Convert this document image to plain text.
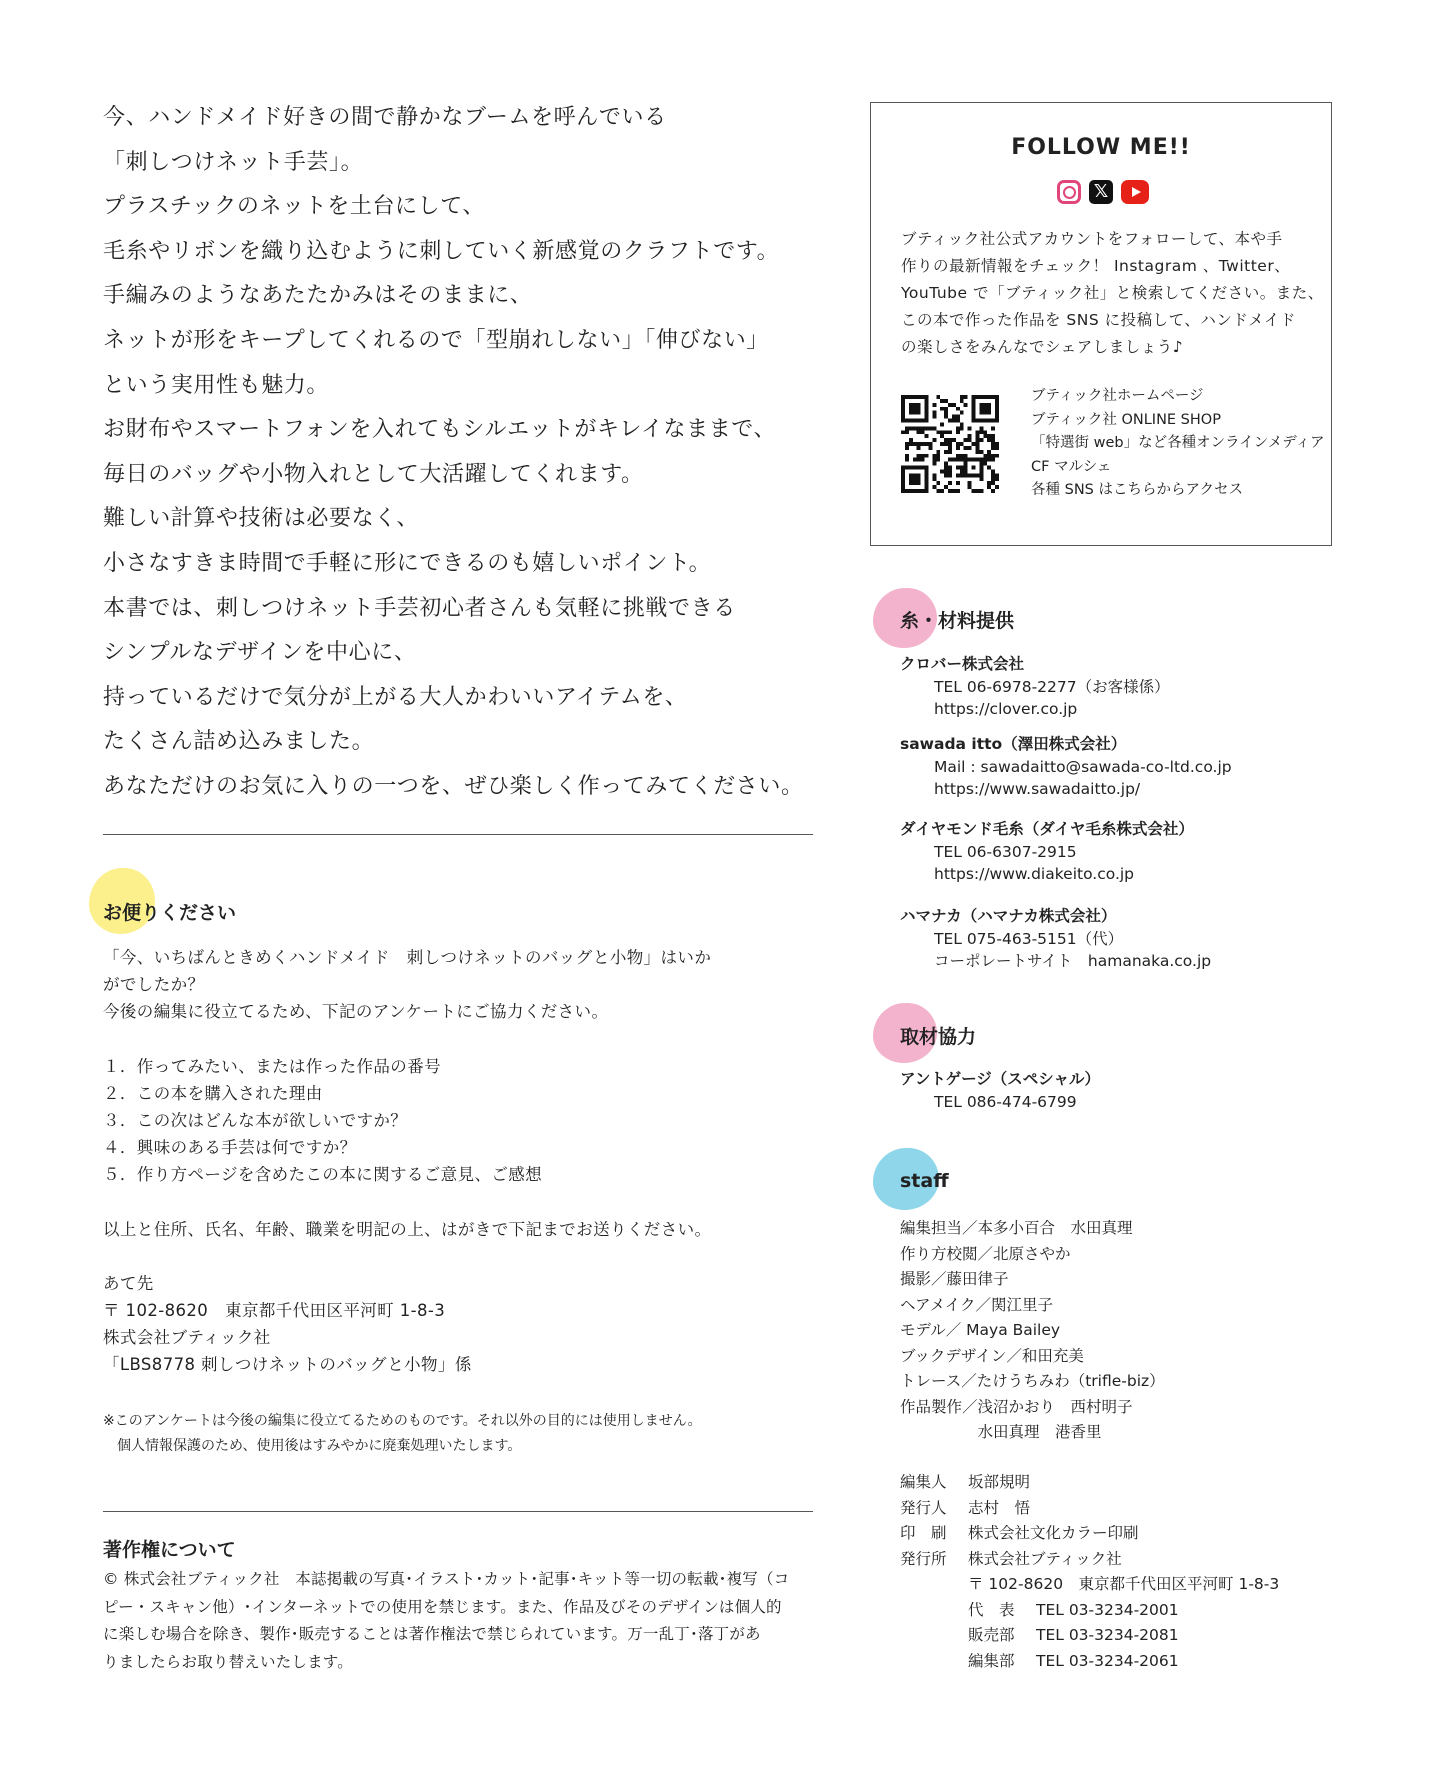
今、ハンドメイド好きの間で静かなブームを呼んでいる

「刺しつけネット手芸」。

プラスチックのネットを土台にして、

毛糸やリボンを織り込むように刺していく新感覚のクラフトです。

手編みのようなあたたかみはそのままに、

ネットが形をキープしてくれるので「型崩れしない」「伸びない」

という実用性も魅力。

お財布やスマートフォンを入れてもシルエットがキレイなままで、

毎日のバッグや小物入れとして大活躍してくれます。

難しい計算や技術は必要なく、

小さなすきま時間で手軽に形にできるのも嬉しいポイント。

本書では、刺しつけネット手芸初心者さんも気軽に挑戦できる

シンプルなデザインを中心に、

持っているだけで気分が上がる大人かわいいアイテムを、

たくさん詰め込みました。

あなただけのお気に入りの一つを、ぜひ楽しく作ってみてください。

FOLLOW ME!!
𝕏

ブティック社公式アカウントをフォローして、本や手

作りの最新情報をチェック！ Instagram 、Twitter、

YouTube で「ブティック社」と検索してください。また、

この本で作った作品を SNS に投稿して、ハンドメイド

の楽しさをみんなでシェアしましょう♪

ブティック社ホームページ

ブティック社 ONLINE SHOP

「特選街 web」など各種オンラインメディア

CF マルシェ

各種 SNS はこちらからアクセス

糸・材料提供
クロバー株式会社
TEL 06-6978-2277（お客様係）
https://clover.co.jp
sawada itto（澤田株式会社）
Mail : sawadaitto@sawada-co-ltd.co.jp
https://www.sawadaitto.jp/
ダイヤモンド毛糸（ダイヤ毛糸株式会社）
TEL 06-6307-2915
https://www.diakeito.co.jp
ハマナカ（ハマナカ株式会社）
TEL 075-463-5151（代）
コーポレートサイト　hamanaka.co.jp
取材協力
アントゲージ（スペシャル）
TEL 086-474-6799
staff

編集担当／本多小百合　水田真理

作り方校閲／北原さやか

撮影／藤田律子

ヘアメイク／関江里子

モデル／ Maya Bailey

ブックデザイン／和田充美

トレース／たけうちみわ（trifle-biz）

作品製作／浅沼かおり　西村明子

　　　　　水田真理　港香里

編集人	坂部規明
発行人	志村　悟
印　刷	株式会社文化カラー印刷
発行所	株式会社ブティック社
〒 102-8620　東京都千代田区平河町 1-8-3
代　表	TEL 03-3234-2001
販売部	TEL 03-3234-2081
編集部	TEL 03-3234-2061
お便りください

「今、いちばんときめくハンドメイド　刺しつけネットのバッグと小物」はいか

がでしたか？

今後の編集に役立てるため、下記のアンケートにご協力ください。

１．作ってみたい、または作った作品の番号

２．この本を購入された理由

３．この次はどんな本が欲しいですか？

４．興味のある手芸は何ですか？

５．作り方ページを含めたこの本に関するご意見、ご感想

以上と住所、氏名、年齢、職業を明記の上、はがきで下記までお送りください。

あて先

〒 102-8620　東京都千代田区平河町 1-8-3

株式会社ブティック社

「LBS8778 刺しつけネットのバッグと小物」係

※このアンケートは今後の編集に役立てるためのものです。それ以外の目的には使用しません。

　個人情報保護のため、使用後はすみやかに廃棄処理いたします。

著作権について

© 株式会社ブティック社　本誌掲載の写真･イラスト･カット･記事･キット等一切の転載･複写（コ

ピー・スキャン他）･インターネットでの使用を禁じます。また、作品及びそのデザインは個人的

に楽しむ場合を除き、製作･販売することは著作権法で禁じられています。万一乱丁･落丁があ

りましたらお取り替えいたします。
